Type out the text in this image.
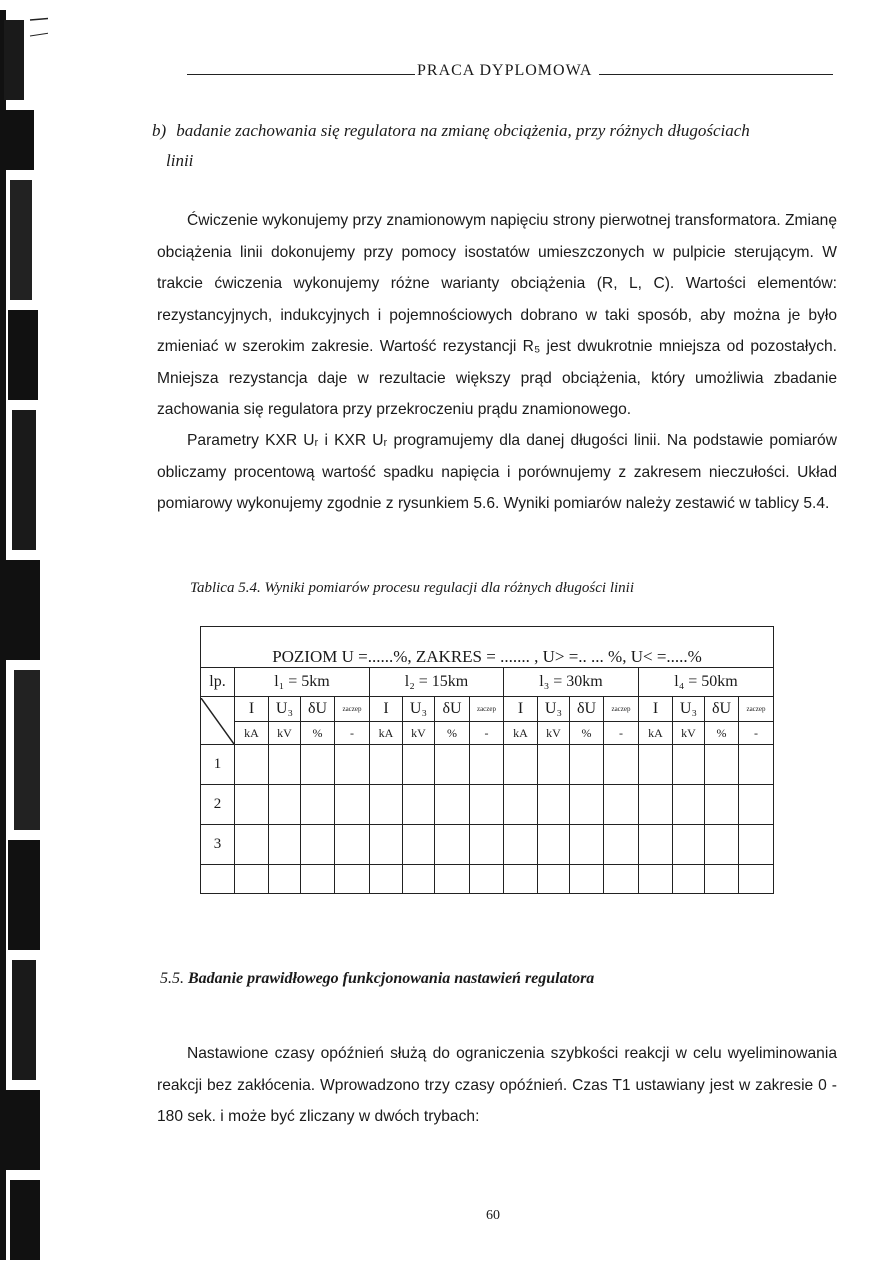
PRACA DYPLOMOWA
b) badanie zachowania się regulatora na zmianę obciążenia, przy różnych długościach
linii
Ćwiczenie wykonujemy przy znamionowym napięciu strony pierwotnej transformatora. Zmianę obciążenia linii dokonujemy przy pomocy isostatów umieszczonych w pulpicie sterującym. W trakcie ćwiczenia wykonujemy różne warianty obciążenia (R, L, C). Wartości elementów: rezystancyjnych, indukcyjnych i pojemnościowych dobrano w taki sposób, aby można je było zmieniać w szerokim zakresie. Wartość rezystancji R₅ jest dwukrotnie mniejsza od pozostałych. Mniejsza rezystancja daje w rezultacie większy prąd obciążenia, który umożliwia zbadanie zachowania się regulatora przy przekroczeniu prądu znamionowego.
Parametry KXR Uᵣ i KXR Uᵣ programujemy dla danej długości linii. Na podstawie pomiarów obliczamy procentową wartość spadku napięcia i porównujemy z zakresem nieczułości. Układ pomiarowy wykonujemy zgodnie z rysunkiem 5.6. Wyniki pomiarów należy zestawić w tablicy 5.4.
Tablica 5.4. Wyniki pomiarów procesu regulacji dla różnych długości linii
POZIOM U =......%, ZAKRES = ....... , U> =.. ... %, U< =.....%																
lp.	l₁ = 5km				l₂ = 15km				l₃ = 30km				l₄ = 50km			

	I	U₃	δU	zaczep	I	U₃	δU	zaczep	I	U₃	δU	zaczep	I	U₃	δU	zaczep
	kA	kV	%	-	kA	kV	%	-	kA	kV	%	-	kA	kV	%	-
1																
2																
3																

5.5. Badanie prawidłowego funkcjonowania nastawień regulatora
Nastawione czasy opóźnień służą do ograniczenia szybkości reakcji w celu wyeliminowania reakcji bez zakłócenia. Wprowadzono trzy czasy opóźnień. Czas T1 ustawiany jest w zakresie 0 - 180 sek. i może być zliczany w dwóch trybach:
60
